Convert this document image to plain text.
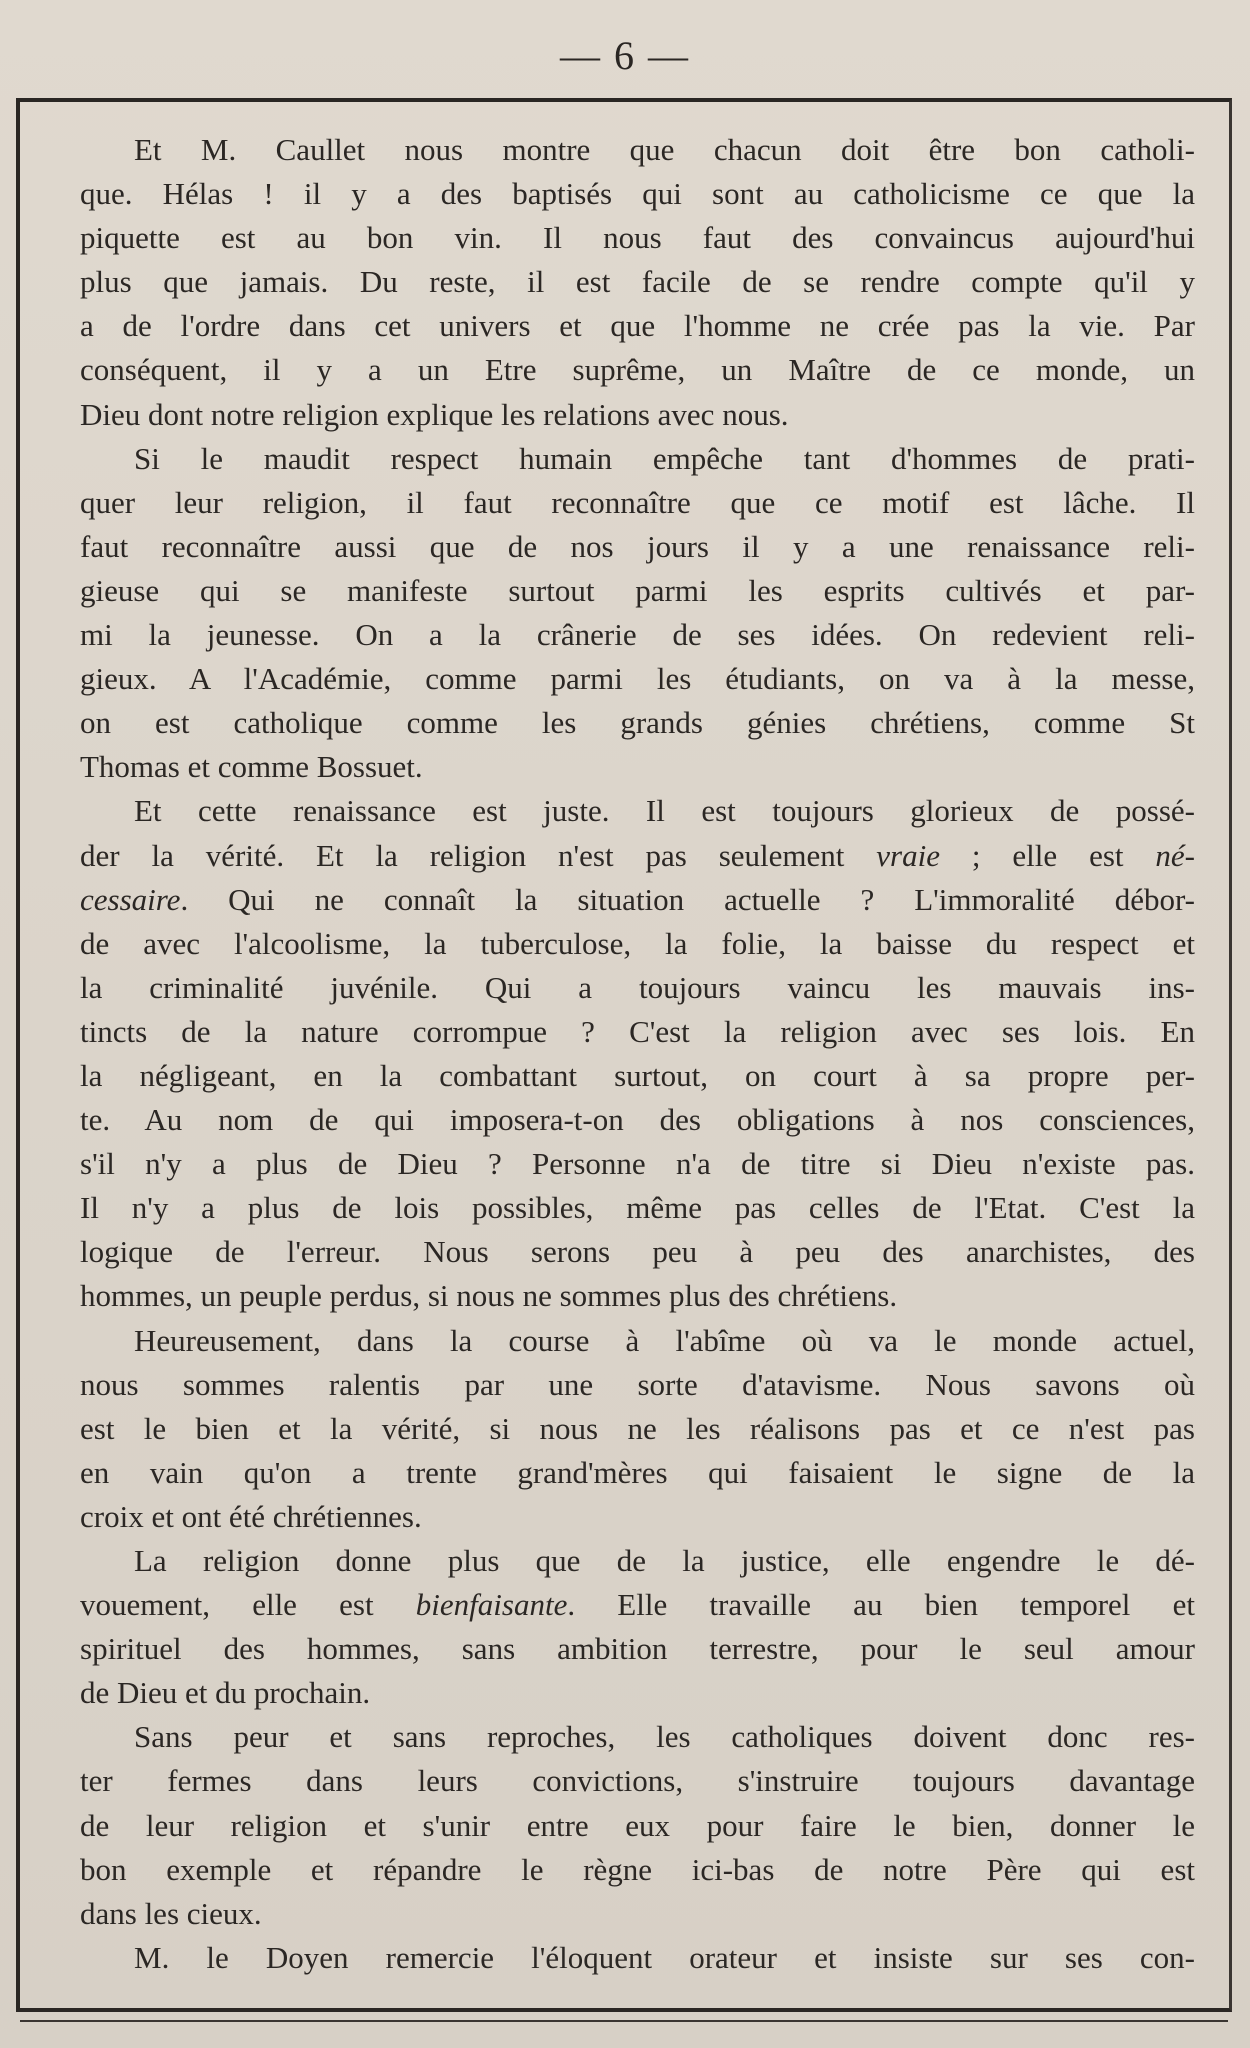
— 6 —
Et M. Caullet nous montre que chacun doit être bon catholi-
que. Hélas ! il y a des baptisés qui sont au catholicisme ce que la
piquette est au bon vin. Il nous faut des convaincus aujourd'hui
plus que jamais. Du reste, il est facile de se rendre compte qu'il y
a de l'ordre dans cet univers et que l'homme ne crée pas la vie. Par
conséquent, il y a un Etre suprême, un Maître de ce monde, un
Dieu dont notre religion explique les relations avec nous.
Si le maudit respect humain empêche tant d'hommes de prati-
quer leur religion, il faut reconnaître que ce motif est lâche. Il
faut reconnaître aussi que de nos jours il y a une renaissance reli-
gieuse qui se manifeste surtout parmi les esprits cultivés et par-
mi la jeunesse. On a la crânerie de ses idées. On redevient reli-
gieux. A l'Académie, comme parmi les étudiants, on va à la messe,
on est catholique comme les grands génies chrétiens, comme St
Thomas et comme Bossuet.
Et cette renaissance est juste. Il est toujours glorieux de possé-
der la vérité. Et la religion n'est pas seulement vraie ; elle est né-
cessaire. Qui ne connaît la situation actuelle ? L'immoralité débor-
de avec l'alcoolisme, la tuberculose, la folie, la baisse du respect et
la criminalité juvénile. Qui a toujours vaincu les mauvais ins-
tincts de la nature corrompue ? C'est la religion avec ses lois. En
la négligeant, en la combattant surtout, on court à sa propre per-
te. Au nom de qui imposera-t-on des obligations à nos consciences,
s'il n'y a plus de Dieu ? Personne n'a de titre si Dieu n'existe pas.
Il n'y a plus de lois possibles, même pas celles de l'Etat. C'est la
logique de l'erreur. Nous serons peu à peu des anarchistes, des
hommes, un peuple perdus, si nous ne sommes plus des chrétiens.
Heureusement, dans la course à l'abîme où va le monde actuel,
nous sommes ralentis par une sorte d'atavisme. Nous savons où
est le bien et la vérité, si nous ne les réalisons pas et ce n'est pas
en vain qu'on a trente grand'mères qui faisaient le signe de la
croix et ont été chrétiennes.
La religion donne plus que de la justice, elle engendre le dé-
vouement, elle est bienfaisante. Elle travaille au bien temporel et
spirituel des hommes, sans ambition terrestre, pour le seul amour
de Dieu et du prochain.
Sans peur et sans reproches, les catholiques doivent donc res-
ter fermes dans leurs convictions, s'instruire toujours davantage
de leur religion et s'unir entre eux pour faire le bien, donner le
bon exemple et répandre le règne ici-bas de notre Père qui est
dans les cieux.
M. le Doyen remercie l'éloquent orateur et insiste sur ses con-
